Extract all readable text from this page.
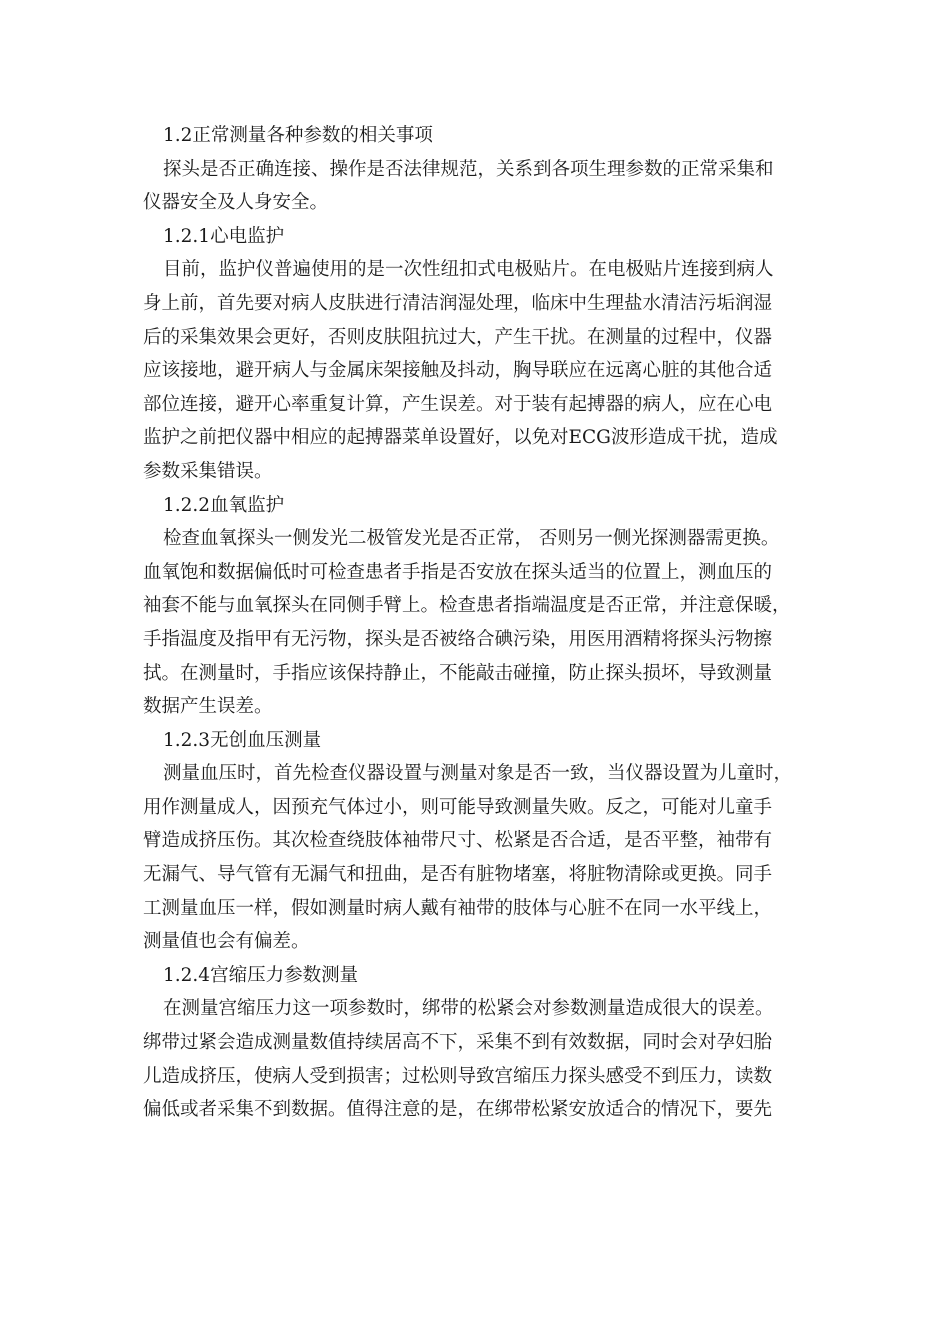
1.2正常测量各种参数的相关事项
探头是否正确连接、操作是否法律规范，关系到各项生理参数的正常采集和
仪器安全及人身安全。
1.2.1心电监护
目前，监护仪普遍使用的是一次性纽扣式电极贴片。在电极贴片连接到病人
身上前，首先要对病人皮肤进行清洁润湿处理，临床中生理盐水清洁污垢润湿
后的采集效果会更好，否则皮肤阻抗过大，产生干扰。在测量的过程中，仪器
应该接地，避开病人与金属床架接触及抖动，胸导联应在远离心脏的其他合适
部位连接，避开心率重复计算，产生误差。对于装有起搏器的病人，应在心电
监护之前把仪器中相应的起搏器菜单设置好，以免对ECG波形造成干扰，造成
参数采集错误。
1.2.2血氧监护
检查血氧探头一侧发光二极管发光是否正常， 否则另一侧光探测器需更换。
血氧饱和数据偏低时可检查患者手指是否安放在探头适当的位置上，测血压的
袖套不能与血氧探头在同侧手臂上。检查患者指端温度是否正常，并注意保暖，
手指温度及指甲有无污物，探头是否被络合碘污染，用医用酒精将探头污物擦
拭。在测量时，手指应该保持静止，不能敲击碰撞，防止探头损坏，导致测量
数据产生误差。
1.2.3无创血压测量
测量血压时，首先检查仪器设置与测量对象是否一致，当仪器设置为儿童时，
用作测量成人，因预充气体过小，则可能导致测量失败。反之，可能对儿童手
臂造成挤压伤。其次检查绕肢体袖带尺寸、松紧是否合适，是否平整，袖带有
无漏气、导气管有无漏气和扭曲，是否有脏物堵塞，将脏物清除或更换。同手
工测量血压一样，假如测量时病人戴有袖带的肢体与心脏不在同一水平线上，
测量值也会有偏差。
1.2.4宫缩压力参数测量
在测量宫缩压力这一项参数时，绑带的松紧会对参数测量造成很大的误差。
绑带过紧会造成测量数值持续居高不下，采集不到有效数据，同时会对孕妇胎
儿造成挤压，使病人受到损害；过松则导致宫缩压力探头感受不到压力，读数
偏低或者采集不到数据。值得注意的是，在绑带松紧安放适合的情况下，要先
